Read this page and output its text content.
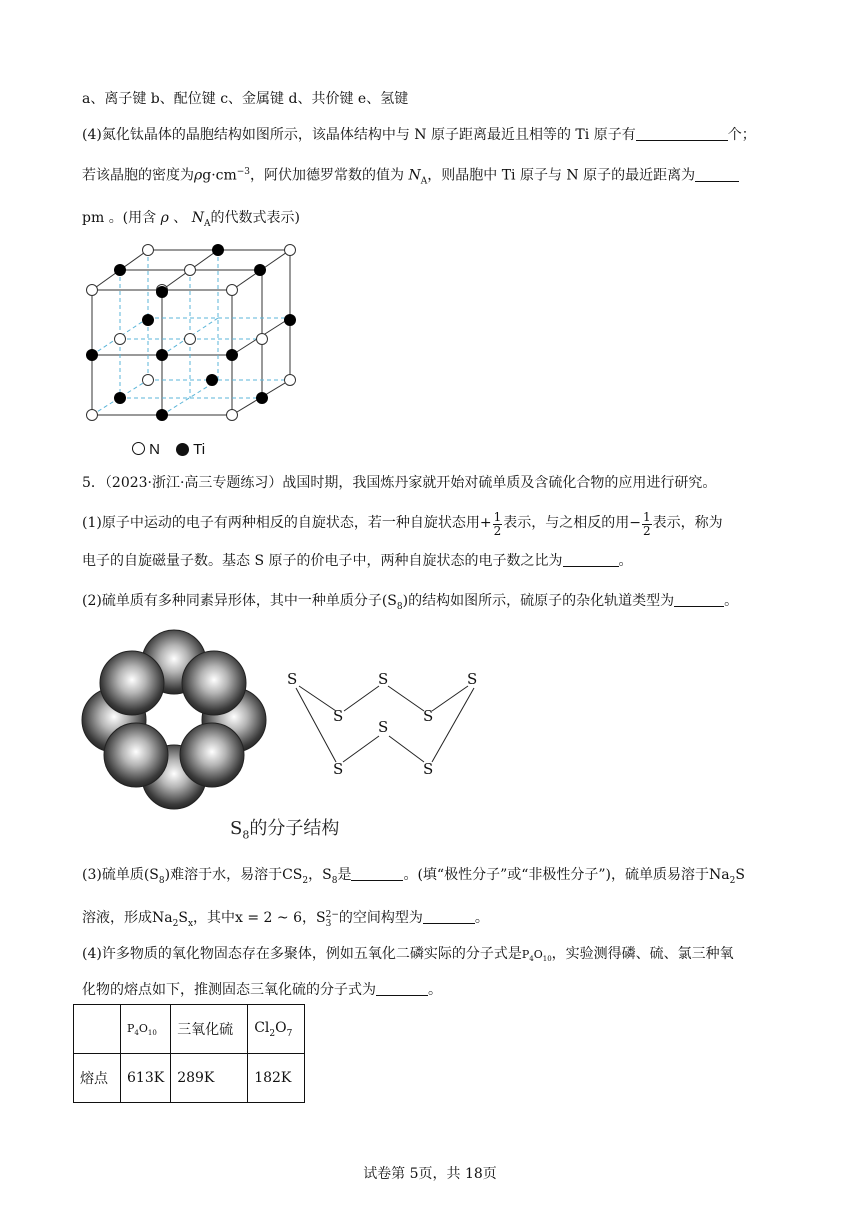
a、离子键 b、配位键 c、金属键 d、共价键 e、氢键
(4)氮化钛晶体的晶胞结构如图所示，该晶体结构中与 N 原子距离最近且相等的 Ti 原子有	个；
若该晶胞的密度为$\rho g\cdot cm^{-3}$，阿伏加德罗常数的值为 $N_A$，则晶胞中 Ti 原子与 N 原子的最近距离为
pm 。(用含 ρ 、 $N_A$的代数式表示)
N Ti
5．（2023·浙江·高三专题练习）战国时期，我国炼丹家就开始对硫单质及含硫化合物的应用进行研究。
(1)原子中运动的电子有两种相反的自旋状态，若一种自旋状态用+ $\frac{1}{2}$ 表示，与之相反的用− $\frac{1}{2}$ 表示，称为
电子的自旋磁量子数。基态 S 原子的价电子中，两种自旋状态的电子数之比为	。
(2)硫单质有多种同素异形体，其中一种单质分子$(S_8)$的结构如图所示，硫原子的杂化轨道类型为	。
S	S	S
S	S
S
S	S
$S_8$的分子结构
(3)硫单质$(S_8)$难溶于水，易溶于$CS_2$，$S_8$是	。(填“极性分子”或“非极性分子”)，硫单质易溶于$Na_2S$
溶液，形成$Na_2S_x$，其中x = 2 ~ 6，S 2−
3 的空间构型为	。
(4)许多物质的氧化物固态存在多聚体，例如五氧化二磷实际的分子式是$P_4O_{10}$，实验测得磷、硫、氯三种氧
化物的熔点如下，推测固态三氧化硫的分子式为	。
	$P_4O_{10}$	三氧化硫	$Cl_2O_7$
熔点	613K	289K	182K
试卷第 5页，共 18页
